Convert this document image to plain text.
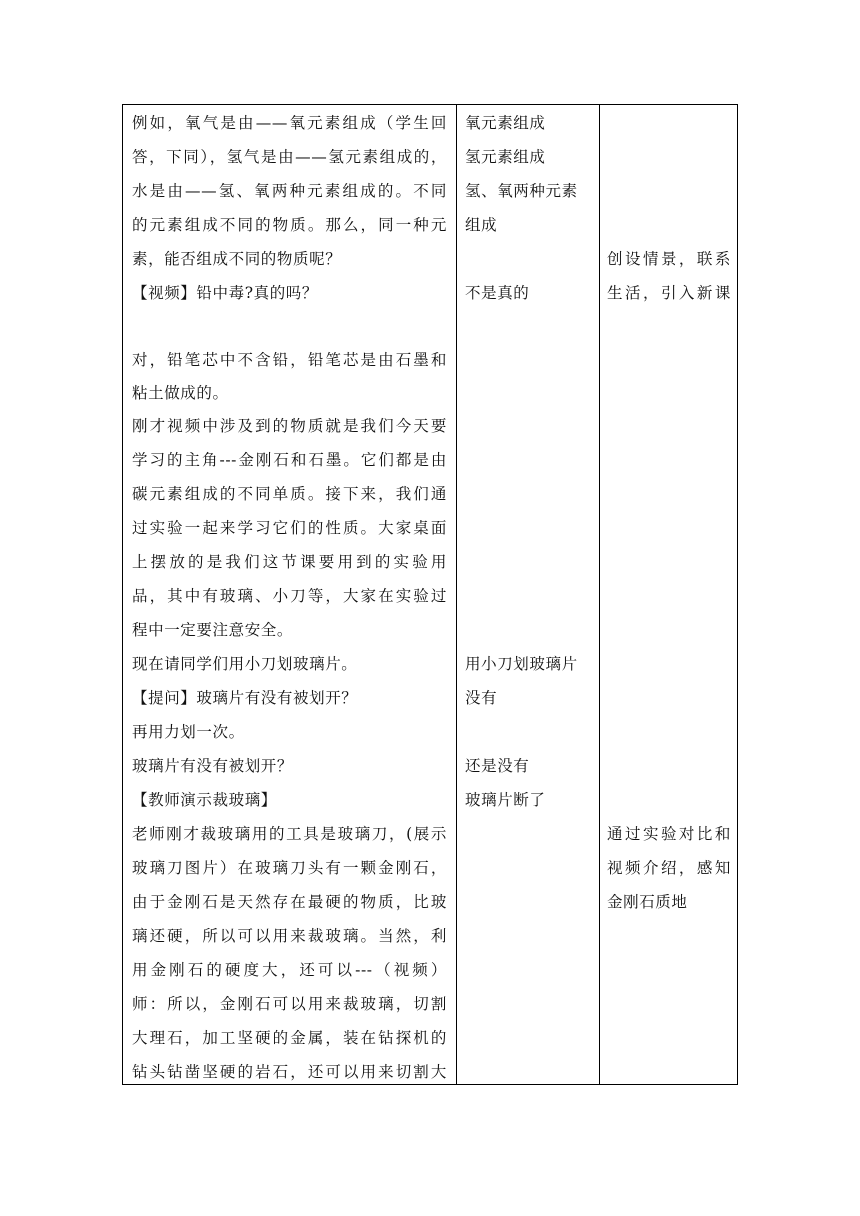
例如，氧气是由——氧元素组成（学生回
答，下同），氢气是由——氢元素组成的，
水是由——氢、氧两种元素组成的。不同
的元素组成不同的物质。那么，同一种元
素，能否组成不同的物质呢？
【视频】铅中毒?真的吗？
对，铅笔芯中不含铅，铅笔芯是由石墨和
粘土做成的。
刚才视频中涉及到的物质就是我们今天要
学习的主角---金刚石和石墨。它们都是由
碳元素组成的不同单质。接下来，我们通
过实验一起来学习它们的性质。大家桌面
上摆放的是我们这节课要用到的实验用
品，其中有玻璃、小刀等，大家在实验过
程中一定要注意安全。
现在请同学们用小刀划玻璃片。
【提问】玻璃片有没有被划开？
再用力划一次。
玻璃片有没有被划开？
【教师演示裁玻璃】
老师刚才裁玻璃用的工具是玻璃刀，(展示
玻璃刀图片）在玻璃刀头有一颗金刚石，
由于金刚石是天然存在最硬的物质，比玻
璃还硬，所以可以用来裁玻璃。当然，利
用金刚石的硬度大，还可以---（视频）
师：所以，金刚石可以用来裁玻璃，切割
大理石，加工坚硬的金属，装在钻探机的
钻头钻凿坚硬的岩石，还可以用来切割大
氧元素组成
氢元素组成
氢、氧两种元素
组成
不是真的
用小刀划玻璃片
没有
还是没有
玻璃片断了
创设情景，联系
生活，引入新课
通过实验对比和
视频介绍，感知
金刚石质地
